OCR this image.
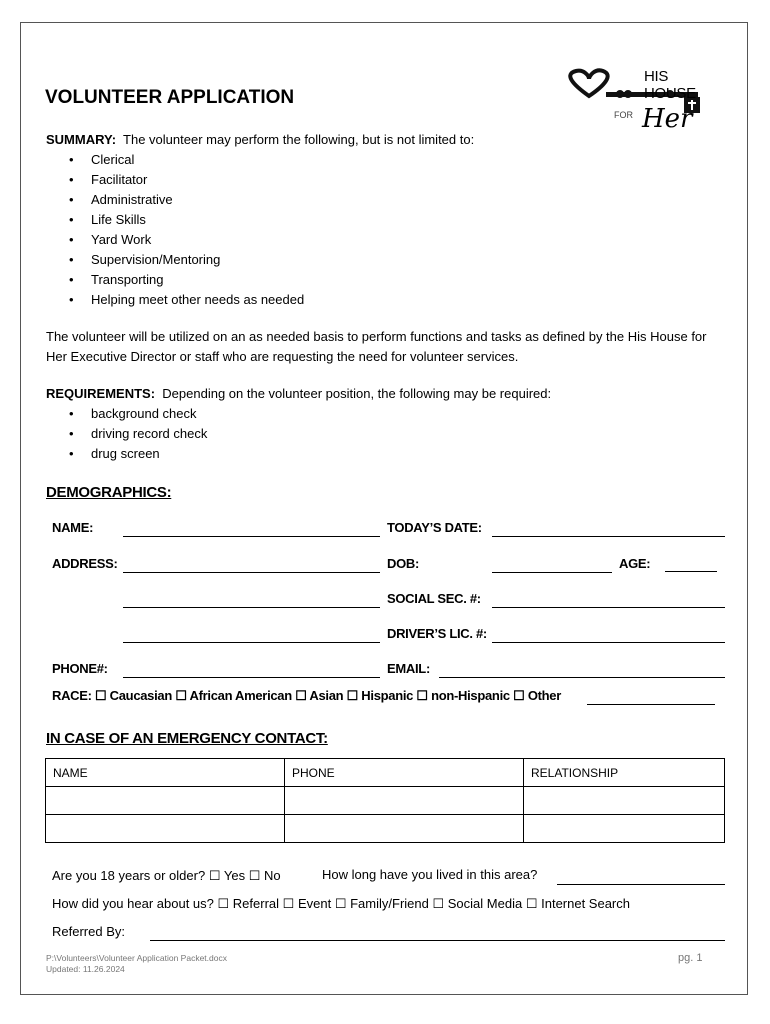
VOLUNTEER APPLICATION
HIS HOUSE
FOR Her
SUMMARY: The volunteer may perform the following, but is not limited to:
• Clerical
• Facilitator
• Administrative
• Life Skills
• Yard Work
• Supervision/Mentoring
• Transporting
• Helping meet other needs as needed
The volunteer will be utilized on an as needed basis to perform functions and tasks as defined by the His House for Her Executive Director or staff who are requesting the need for volunteer services.
REQUIREMENTS: Depending on the volunteer position, the following may be required:
• background check
• driving record check
• drug screen
DEMOGRAPHICS:
NAME:	TODAY’S DATE:
ADDRESS:	DOB:	AGE:
SOCIAL SEC. #:
DRIVER’S LIC. #:
PHONE#:	EMAIL:
RACE: ☐ Caucasian ☐ African American ☐ Asian ☐ Hispanic ☐ non-Hispanic ☐ Other
IN CASE OF AN EMERGENCY CONTACT:
NAME	PHONE	RELATIONSHIP

Are you 18 years or older? ☐ Yes ☐ No	How long have you lived in this area?
How did you hear about us? ☐ Referral ☐ Event ☐ Family/Friend ☐ Social Media ☐ Internet Search
Referred By:
P:\Volunteers\Volunteer Application Packet.docx
Updated: 11.26.2024
pg. 1
